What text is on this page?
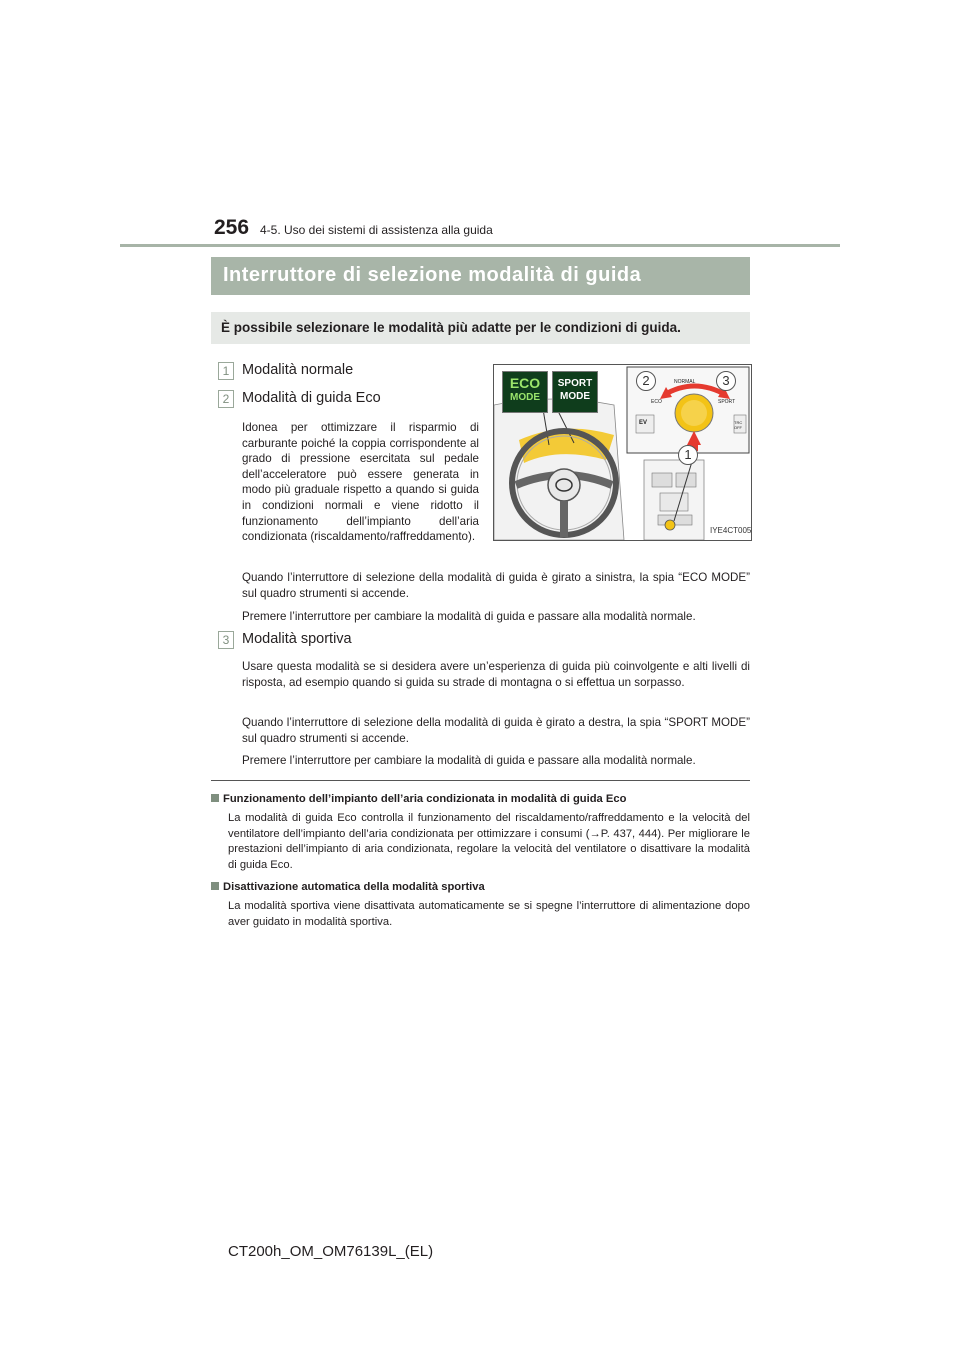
256 4-5. Uso dei sistemi di assistenza alla guida
Interruttore di selezione modalità di guida
È possibile selezionare le modalità più adatte per le condizioni di guida.
1 Modalità normale
2 Modalità di guida Eco
Idonea per ottimizzare il risparmio di carburante poiché la coppia corrispondente al grado di pressione esercitata sul pedale dell’acceleratore può essere generata in modo più graduale rispetto a quando si guida in condizioni normali e viene ridotto il funzionamento dell’impianto dell’aria condizionata (riscaldamento/raffreddamento).
Quando l’interruttore di selezione della modalità di guida è girato a sinistra, la spia “ECO MODE” sul quadro strumenti si accende.
Premere l’interruttore per cambiare la modalità di guida e passare alla modalità normale.
3 Modalità sportiva
Usare questa modalità se si desidera avere un’esperienza di guida più coinvolgente e alti livelli di risposta, ad esempio quando si guida su strade di montagna o si effettua un sorpasso.
Quando l’interruttore di selezione della modalità di guida è girato a destra, la spia “SPORT MODE” sul quadro strumenti si accende.
Premere l’interruttore per cambiare la modalità di guida e passare alla modalità normale.
Funzionamento dell’impianto dell’aria condizionata in modalità di guida Eco
La modalità di guida Eco controlla il funzionamento del riscaldamento/raffreddamento e la velocità del ventilatore dell’impianto dell’aria condizionata per ottimizzare i consumi (→P. 437, 444). Per migliorare le prestazioni dell’impianto di aria condizionata, regolare la velocità del ventilatore o disattivare la modalità di guida Eco.
Disattivazione automatica della modalità sportiva
La modalità sportiva viene disattivata automaticamente se si spegne l’interruttore di alimentazione dopo aver guidato in modalità sportiva.
ECO
MODE
SPORT
MODE
NORMAL
ECO	SPORT
EV	TRC OFF
2	3
1
IYE4CT005
CT200h_OM_OM76139L_(EL)
